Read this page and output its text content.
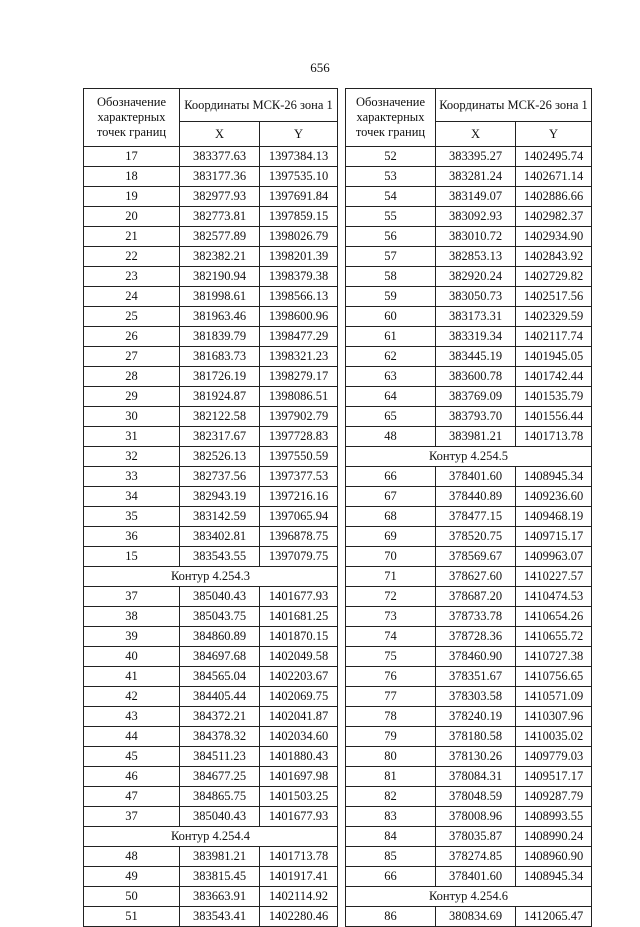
656
Обозначение характерных точек границ	Координаты МСК-26 зона 1	
	X	Y
17	383377.63	1397384.13
18	383177.36	1397535.10
19	382977.93	1397691.84
20	382773.81	1397859.15
21	382577.89	1398026.79
22	382382.21	1398201.39
23	382190.94	1398379.38
24	381998.61	1398566.13
25	381963.46	1398600.96
26	381839.79	1398477.29
27	381683.73	1398321.23
28	381726.19	1398279.17
29	381924.87	1398086.51
30	382122.58	1397902.79
31	382317.67	1397728.83
32	382526.13	1397550.59
33	382737.56	1397377.53
34	382943.19	1397216.16
35	383142.59	1397065.94
36	383402.81	1396878.75
15	383543.55	1397079.75
Контур 4.254.3		
37	385040.43	1401677.93
38	385043.75	1401681.25
39	384860.89	1401870.15
40	384697.68	1402049.58
41	384565.04	1402203.67
42	384405.44	1402069.75
43	384372.21	1402041.87
44	384378.32	1402034.60
45	384511.23	1401880.43
46	384677.25	1401697.98
47	384865.75	1401503.25
37	385040.43	1401677.93
Контур 4.254.4		
48	383981.21	1401713.78
49	383815.45	1401917.41
50	383663.91	1402114.92
51	383543.41	1402280.46
Обозначение характерных точек границ	Координаты МСК-26 зона 1	
	X	Y
52	383395.27	1402495.74
53	383281.24	1402671.14
54	383149.07	1402886.66
55	383092.93	1402982.37
56	383010.72	1402934.90
57	382853.13	1402843.92
58	382920.24	1402729.82
59	383050.73	1402517.56
60	383173.31	1402329.59
61	383319.34	1402117.74
62	383445.19	1401945.05
63	383600.78	1401742.44
64	383769.09	1401535.79
65	383793.70	1401556.44
48	383981.21	1401713.78
Контур 4.254.5		
66	378401.60	1408945.34
67	378440.89	1409236.60
68	378477.15	1409468.19
69	378520.75	1409715.17
70	378569.67	1409963.07
71	378627.60	1410227.57
72	378687.20	1410474.53
73	378733.78	1410654.26
74	378728.36	1410655.72
75	378460.90	1410727.38
76	378351.67	1410756.65
77	378303.58	1410571.09
78	378240.19	1410307.96
79	378180.58	1410035.02
80	378130.26	1409779.03
81	378084.31	1409517.17
82	378048.59	1409287.79
83	378008.96	1408993.55
84	378035.87	1408990.24
85	378274.85	1408960.90
66	378401.60	1408945.34
Контур 4.254.6		
86	380834.69	1412065.47
